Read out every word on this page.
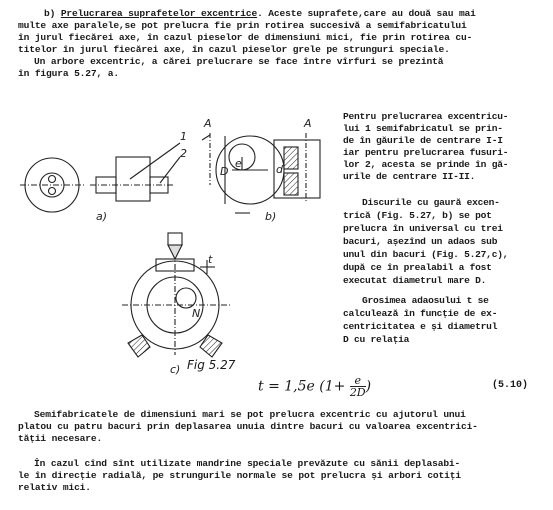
b) Prelucrarea suprafetelor excentrice. Aceste suprafete,care au două sau mai
multe axe paralele,se pot prelucra fie prin rotirea succesivă a semifabricatului
în jurul fiecărei axe, în cazul pieselor de dimensiuni mici, fie prin rotirea cu-
titelor în jurul fiecărei axe, în cazul pieselor grele pe strunguri speciale.
Un arbore excentric, a cărei prelucrare se face între vîrfuri se prezintă
în figura 5.27, a.
Pentru prelucrarea excentricu-
lui 1 semifabricatul se prin-
de în găurile de centrare I-I
iar pentru prelucrarea fusuri-
lor 2, acesta se prinde în gă-
urile de centrare II-II.
Discurile cu gaură excen-
trică (Fig. 5.27, b) se pot
prelucra în universal cu trei
bacuri, așezînd un adaos sub
unul din bacuri (Fig. 5.27,c),
după ce în prealabil a fost
executat diametrul mare D.
Grosimea adaosului t se
calculează în funcție de ex-
centricitatea e și diametrul
D cu relația
1
2
A	A
D	d
e
t
N
a)	b)
c) Fig 5.27
t = 1,5e ($1+ \frac{e}{2D}$ )	(5.10)
Semifabricatele de dimensiuni mari se pot prelucra excentric cu ajutorul unui
platou cu patru bacuri prin deplasarea unuia dintre bacuri cu valoarea excentrici-
tății necesare.
În cazul cînd sînt utilizate mandrine speciale prevăzute cu sănii deplasabi-
le în direcție radială, pe strungurile normale se pot prelucra și arbori cotiți
relativ mici.
